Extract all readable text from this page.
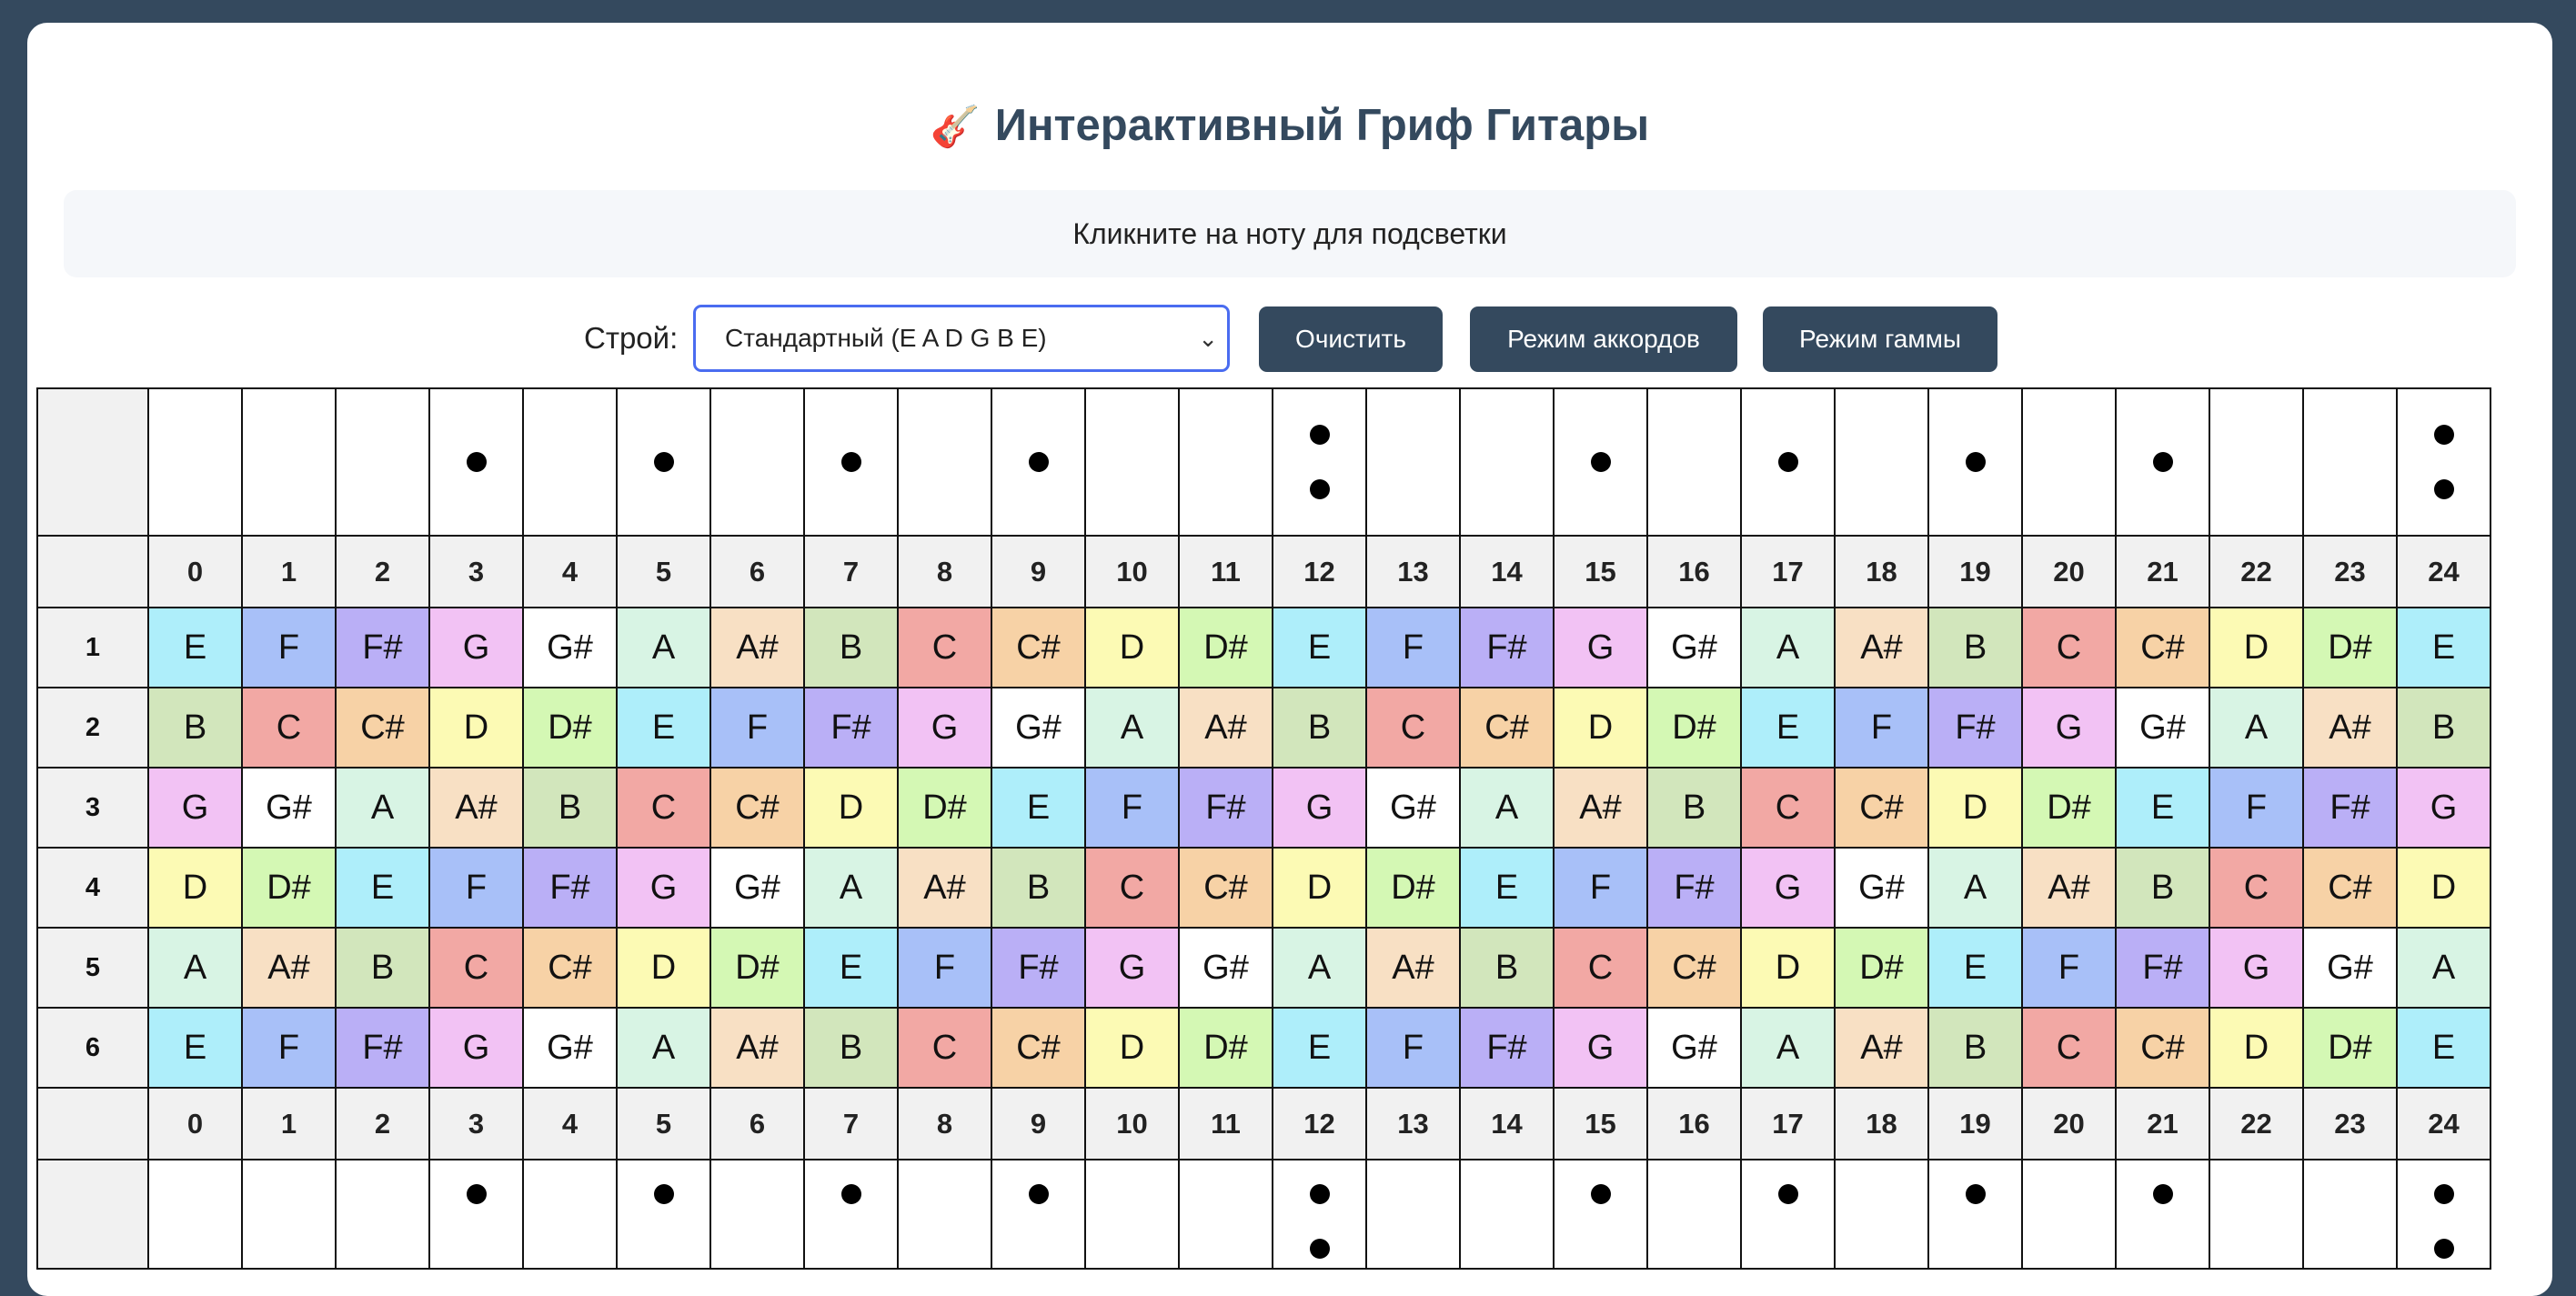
🎸 Интерактивный Гриф Гитары
Кликните на ноту для подсветки
Строй:	Стандартный (E A D G B E)	⌄	Очистить	Режим аккордов	Режим гаммы

	0	1	2	3	4	5	6	7	8	9	10	11	12	13	14	15	16	17	18	19	20	21	22	23	24
1	E	F	F#	G	G#	A	A#	B	C	C#	D	D#	E	F	F#	G	G#	A	A#	B	C	C#	D	D#	E
2	B	C	C#	D	D#	E	F	F#	G	G#	A	A#	B	C	C#	D	D#	E	F	F#	G	G#	A	A#	B
3	G	G#	A	A#	B	C	C#	D	D#	E	F	F#	G	G#	A	A#	B	C	C#	D	D#	E	F	F#	G
4	D	D#	E	F	F#	G	G#	A	A#	B	C	C#	D	D#	E	F	F#	G	G#	A	A#	B	C	C#	D
5	A	A#	B	C	C#	D	D#	E	F	F#	G	G#	A	A#	B	C	C#	D	D#	E	F	F#	G	G#	A
6	E	F	F#	G	G#	A	A#	B	C	C#	D	D#	E	F	F#	G	G#	A	A#	B	C	C#	D	D#	E
	0	1	2	3	4	5	6	7	8	9	10	11	12	13	14	15	16	17	18	19	20	21	22	23	24
